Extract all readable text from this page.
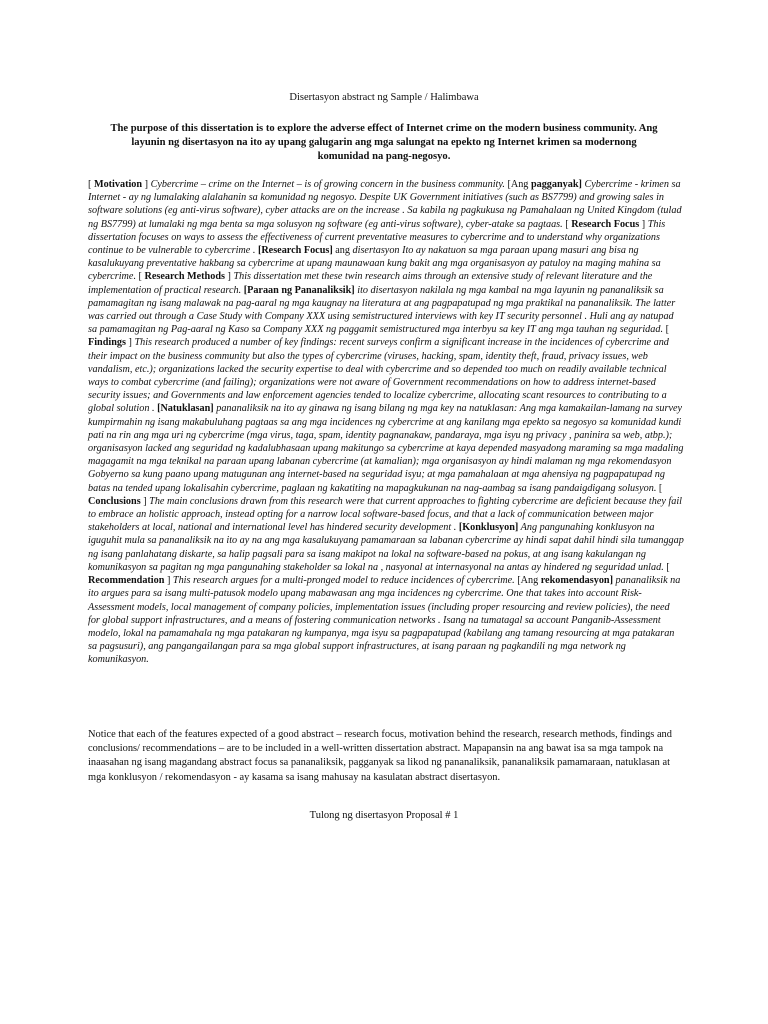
Disertasyon abstract ng Sample / Halimbawa
The purpose of this dissertation is to explore the adverse effect of Internet crime on the modern business community. Ang layunin ng disertasyon na ito ay upang galugarin ang mga salungat na epekto ng Internet krimen sa modernong komunidad na pang-negosyo.
[ Motivation ] Cybercrime – crime on the Internet – is of growing concern in the business community. [Ang pagganyak] Cybercrime - krimen sa Internet - ay ng lumalaking alalahanin sa komunidad ng negosyo. Despite UK Government initiatives (such as BS7799) and growing sales in software solutions (eg anti-virus software), cyber attacks are on the increase . Sa kabila ng pagkukusa ng Pamahalaan ng United Kingdom (tulad ng BS7799) at lumalaki ng mga benta sa mga solusyon ng software (eg anti-virus software), cyber-atake sa pagtaas. [ Research Focus ] This dissertation focuses on ways to assess the effectiveness of current preventative measures to cybercrime and to understand why organizations continue to be vulnerable to cybercrime . [Research Focus] ang disertasyon Ito ay nakatuon sa mga paraan upang masuri ang bisa ng kasalukuyang preventative hakbang sa cybercrime at upang maunawaan kung bakit ang mga organisasyon ay patuloy na maging mahina sa cybercrime. [ Research Methods ] This dissertation met these twin research aims through an extensive study of relevant literature and the implementation of practical research. [Paraan ng Pananaliksik] ito disertasyon nakilala ng mga kambal na mga layunin ng pananaliksik sa pamamagitan ng isang malawak na pag-aaral ng mga kaugnay na literatura at ang pagpapatupad ng mga praktikal na pananaliksik. The latter was carried out through a Case Study with Company XXX using semistructured interviews with key IT security personnel . Huli ang ay natupad sa pamamagitan ng Pag-aaral ng Kaso sa Company XXX ng paggamit semistructured mga interbyu sa key IT ang mga tauhan ng seguridad. [ Findings ] This research produced a number of key findings: recent surveys confirm a significant increase in the incidences of cybercrime and their impact on the business community but also the types of cybercrime (viruses, hacking, spam, identity theft, fraud, privacy issues, web vandalism, etc.); organizations lacked the security expertise to deal with cybercrime and so depended too much on readily available technical ways to combat cybercrime (and failing); organizations were not aware of Government recommendations on how to address internet-based security issues; and Governments and law enforcement agencies tended to localize cybercrime, allocating scant resources to contributing to a global solution . [Natuklasan] pananaliksik na ito ay ginawa ng isang bilang ng mga key na natuklasan: Ang mga kamakailan-lamang na survey kumpirmahin ng isang makabuluhang pagtaas sa ang mga incidences ng cybercrime at ang kanilang mga epekto sa negosyo sa komunidad kundi pati na rin ang mga uri ng cybercrime (mga virus, taga, spam, identity pagnanakaw, pandaraya, mga isyu ng privacy , paninira sa web, atbp.); organisasyon lacked ang seguridad ng kadalubhasaan upang makitungo sa cybercrime at kaya depended masyadong maraming sa mga madaling magagamit na mga teknikal na paraan upang labanan cybercrime (at kamalian); mga organisasyon ay hindi malaman ng mga rekomendasyon Gobyerno sa kung paano upang matugunan ang internet-based na seguridad isyu; at mga pamahalaan at mga ahensiya ng pagpapatupad ng batas na tended upang lokalisahin cybercrime, paglaan ng kakatiting na mapagkukunan na nag-aambag sa isang pandaigdigang solusyon. [ Conclusions ] The main conclusions drawn from this research were that current approaches to fighting cybercrime are deficient because they fail to embrace an holistic approach, instead opting for a narrow local software-based focus, and that a lack of communication between major stakeholders at local, national and international level has hindered security development . [Konklusyon] Ang pangunahing konklusyon na iguguhit mula sa pananaliksik na ito ay na ang mga kasalukuyang pamamaraan sa labanan cybercrime ay hindi sapat dahil hindi sila tumanggap ng isang panlahatang diskarte, sa halip pagsali para sa isang makipot na lokal na software-based na pokus, at ang isang kakulangan ng komunikasyon sa pagitan ng mga pangunahing stakeholder sa lokal na , nasyonal at internasyonal na antas ay hindered ng seguridad unlad. [ Recommendation ] This research argues for a multi-pronged model to reduce incidences of cybercrime. [Ang rekomendasyon] pananaliksik na ito argues para sa isang multi-patusok modelo upang mabawasan ang mga incidences ng cybercrime. One that takes into account Risk-Assessment models, local management of company policies, implementation issues (including proper resourcing and review policies), the need for global support infrastructures, and a means of fostering communication networks . Isang na tumatagal sa account Panganib-Assessment modelo, lokal na pamamahala ng mga patakaran ng kumpanya, mga isyu sa pagpapatupad (kabilang ang tamang resourcing at mga patakaran sa pagsusuri), ang pangangailangan para sa mga global support infrastructures, at isang paraan ng pagkandili ng mga network ng komunikasyon.
Notice that each of the features expected of a good abstract – research focus, motivation behind the research, research methods, findings and conclusions/ recommendations – are to be included in a well-written dissertation abstract. Mapapansin na ang bawat isa sa mga tampok na inaasahan ng isang magandang abstract focus sa pananaliksik, pagganyak sa likod ng pananaliksik, pananaliksik pamamaraan, natuklasan at mga konklusyon / rekomendasyon - ay kasama sa isang mahusay na kasulatan abstract disertasyon.
Tulong ng disertasyon Proposal # 1
